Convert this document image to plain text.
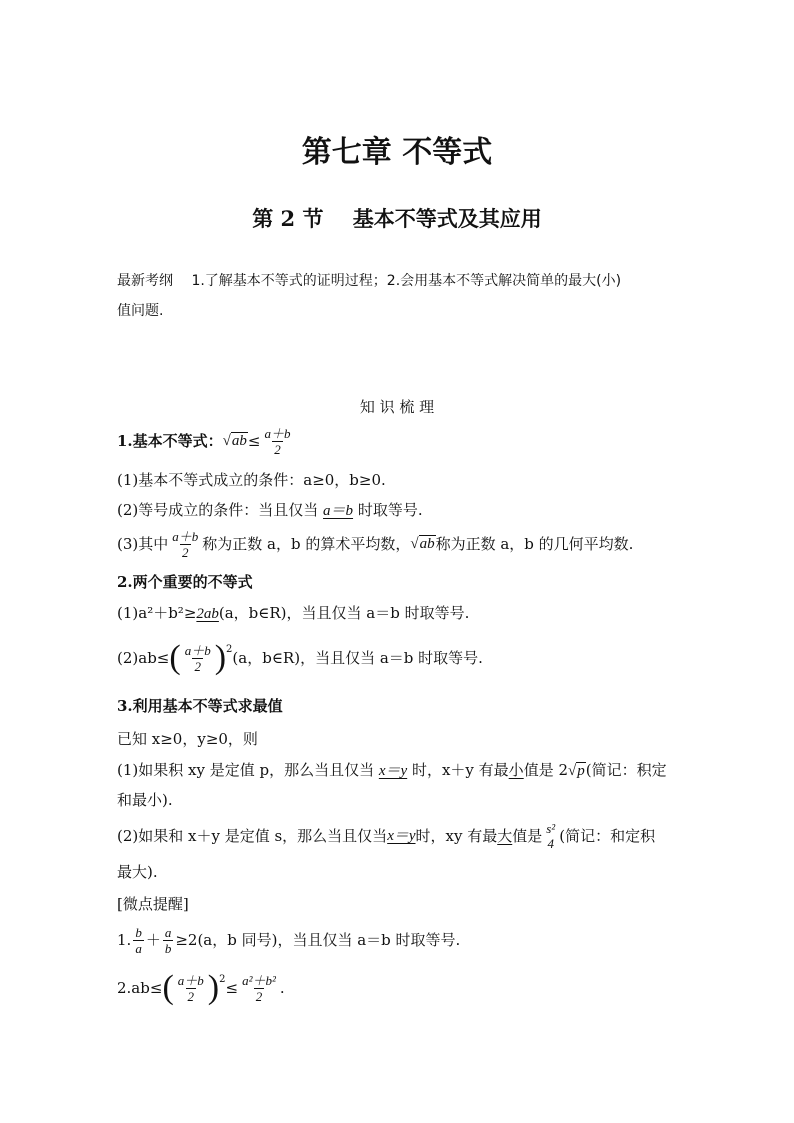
第七章 不等式
第 2 节    基本不等式及其应用
最新考纲 1.了解基本不等式的证明过程；2.会用基本不等式解决简单的最大(小)
值问题.
知 识 梳 理
1.基本不等式： $√ab \le \frac{a+b}{2}$
(1)基本不等式成立的条件：a≥0，b≥0.
(2)等号成立的条件：当且仅当 a＝b 时取等号.
(3)其中 $\frac{a+b}{2}$ 称为正数 a，b 的算术平均数， √ab 称为正数 a，b 的几何平均数.
2.两个重要的不等式
(1)a²＋b²≥2ab(a，b∈R)，当且仅当 a＝b 时取等号.
(2)ab≤ ( $\frac{a+b}{2} )^2$ (a，b∈R)，当且仅当 a＝b 时取等号.
3.利用基本不等式求最值
已知 x≥0，y≥0，则
(1)如果积 xy 是定值 p，那么当且仅当 x＝y 时，x＋y 有最小值是 2√p(简记：积定
和最小).
(2)如果和 x＋y 是定值 s，那么当且仅当 x＝y 时，xy 有最 大 值是 s²
4 (简记：和定积
最大).
[微点提醒]
1. $\frac{b}{a} + \frac{a}{b} \ge 2(a$，b 同号)，当且仅当 a＝b 时取等号.
2.ab≤ ( $\frac{a+b}{2} )^2 \le \frac{\text{a²＋b²}}{2}$ .
